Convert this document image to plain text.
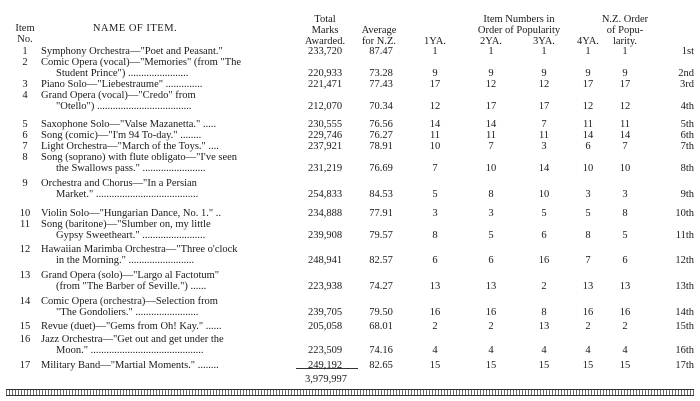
Item
No.
NAME OF ITEM.
Total
Marks
Awarded.
Average
for N.Z.
Item Numbers in
Order of Popularity
1YA.	2YA.	3YA. 4YA.
N.Z. Order
of Popu-
larity.
1 Symphony Orchestra—"Poet and Peasant."	233,720	87.47	1	1	1	1	1	1st
2 Comic Opera (vocal)—"Memories" (from "The
Student Prince") .......................	220,933	73.28	9	9	9	9	9	2nd
3 Piano Solo—"Liebestraume" ..............	221,471	77.43	17	12	12	17	17	3rd
4 Grand Opera (vocal)—"Credo" from
"Otello") ....................................	212,070	70.34	12	17	17	12	12	4th
5 Saxophone Solo—"Valse Mazanetta." .....	230,555	76.56	14	14	7	11	11	5th
6 Song (comic)—"I'm 94 To-day." ........	229,746	76.27	11	11	11	14	14	6th
7 Light Orchestra—"March of the Toys." ....	237,921	78.91	10	7	3	6	7	7th
8 Song (soprano) with flute obligato—"I've seen
the Swallows pass." ........................	231,219	76.69	7	10	14	10	10	8th
9 Orchestra and Chorus—"In a Persian
Market." .......................................	254,833	84.53	5	8	10	3	3	9th
10 Violin Solo—"Hungarian Dance, No. 1." ..	234,888	77.91	3	3	5	5	8	10th
11 Song (baritone)—"Slumber on, my little
Gypsy Sweetheart." ........................	239,908	79.57	8	5	6	8	5	11th
12 Hawaiian Marimba Orchestra—"Three o'clock
in the Morning." .........................	248,941	82.57	6	6	16	7	6	12th
13 Grand Opera (solo)—"Largo al Factotum"
(from "The Barber of Seville.") ......	223,938	74.27	13	13	2	13	13	13th
14 Comic Opera (orchestra)—Selection from
"The Gondoliers." ........................	239,705	79.50	16	16	8	16	16	14th
15 Revue (duet)—"Gems from Oh! Kay." ......	205,058	68.01	2	2	13	2	2	15th
16 Jazz Orchestra—"Get out and get under the
Moon." ...........................................	223,509	74.16	4	4	4	4	4	16th
17 Military Band—"Martial Moments." ........	249,192	82.65	15	15	15	15	15	17th
3,979,997
